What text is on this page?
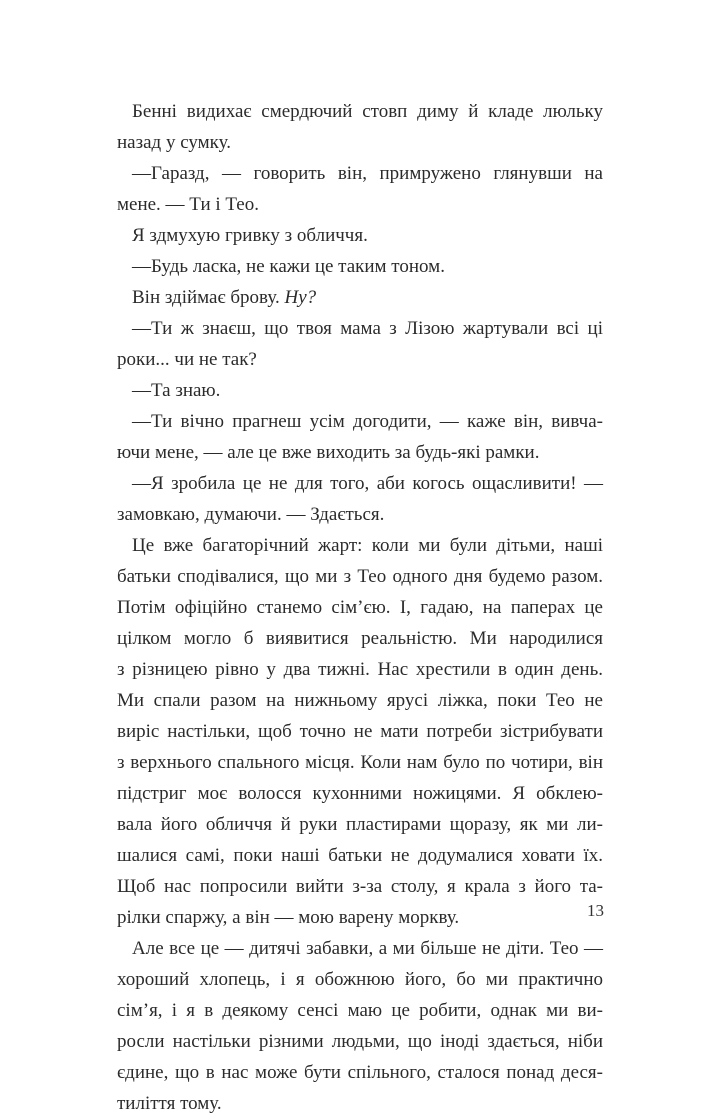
Бенні видихає смердючий стовп диму й кладе люльку
назад у сумку.
—Гаразд, — говорить він, примружено глянувши на
мене. — Ти і Тео.
Я здмухую гривку з обличчя.
—Будь ласка, не кажи це таким тоном.
Він здіймає брову. Ну?
—Ти ж знаєш, що твоя мама з Лізою жартували всі ці
роки... чи не так?
—Та знаю.
—Ти вічно прагнеш усім догодити, — каже він, вивча-
ючи мене, — але це вже виходить за будь-які рамки.
—Я зробила це не для того, аби когось ощасливити! —
замовкаю, думаючи. — Здається.
Це вже багаторічний жарт: коли ми були дітьми, наші
батьки сподівалися, що ми з Тео одного дня будемо разом.
Потім офіційно станемо сім’єю. І, гадаю, на паперах це
цілком могло б виявитися реальністю. Ми народилися
з різницею рівно у два тижні. Нас хрестили в один день.
Ми спали разом на нижньому ярусі ліжка, поки Тео не
виріс настільки, щоб точно не мати потреби зістрибувати
з верхнього спального місця. Коли нам було по чотири, він
підстриг моє волосся кухонними ножицями. Я обклею-
вала його обличчя й руки пластирами щоразу, як ми ли-
шалися самі, поки наші батьки не додумалися ховати їх.
Щоб нас попросили вийти з-за столу, я крала з його та-
рілки спаржу, а він — мою варену моркву.
Але все це — дитячі забавки, а ми більше не діти. Тео —
хороший хлопець, і я обожнюю його, бо ми практично
сім’я, і я в деякому сенсі маю це робити, однак ми ви-
росли настільки різними людьми, що іноді здається, ніби
єдине, що в нас може бути спільного, сталося понад деся-
тиліття тому.
13
